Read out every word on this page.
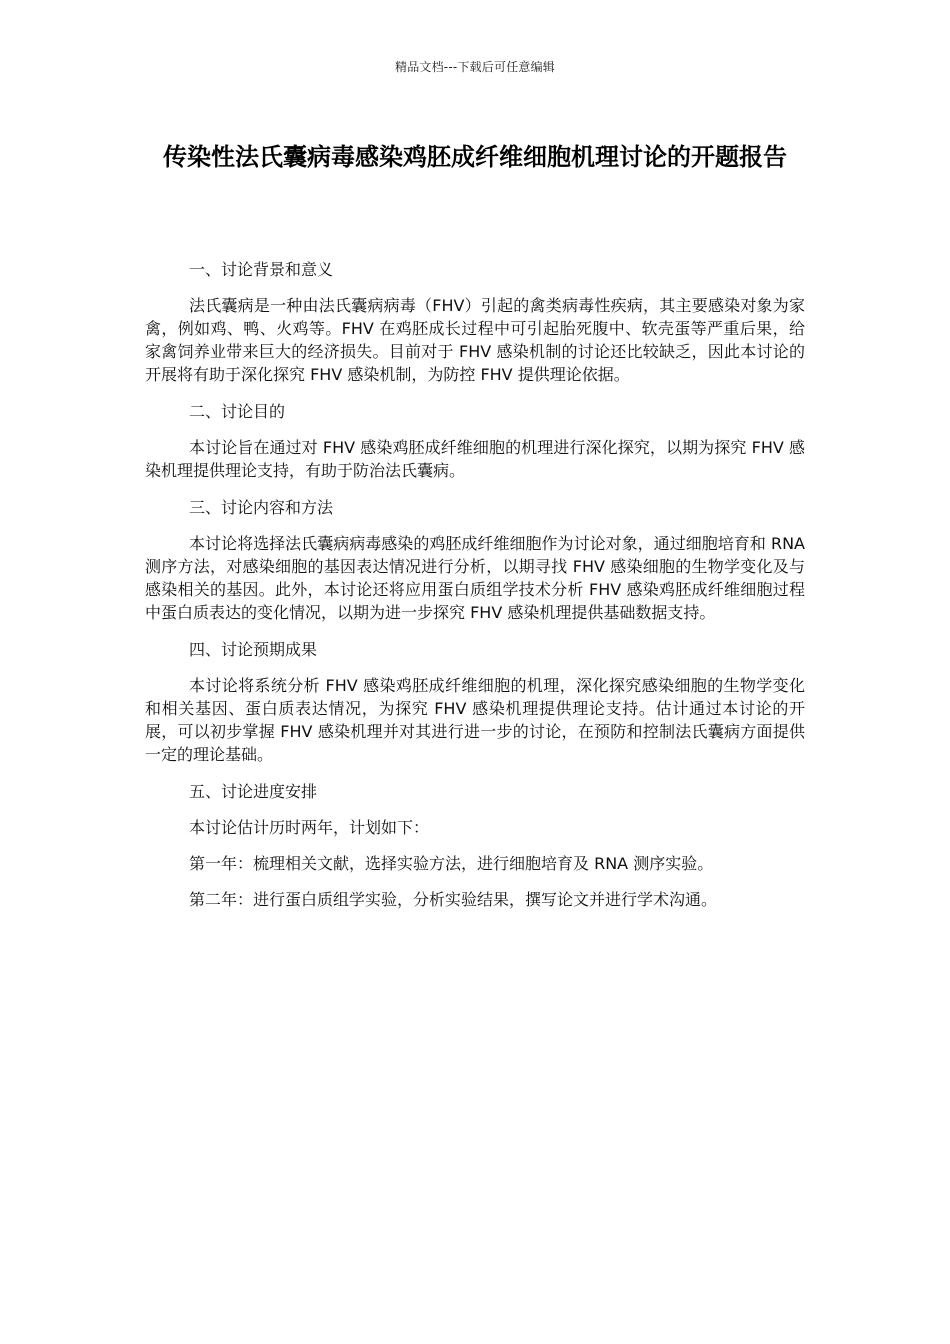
精品文档---下载后可任意编辑
传染性法氏囊病毒感染鸡胚成纤维细胞机理讨论的开题报告

一、讨论背景和意义

法氏囊病是一种由法氏囊病病毒（FHV）引起的禽类病毒性疾病，其主要感染对象为家禽，例如鸡、鸭、火鸡等。FHV 在鸡胚成长过程中可引起胎死腹中、软壳蛋等严重后果，给家禽饲养业带来巨大的经济损失。目前对于 FHV 感染机制的讨论还比较缺乏，因此本讨论的开展将有助于深化探究 FHV 感染机制，为防控 FHV 提供理论依据。

二、讨论目的

本讨论旨在通过对 FHV 感染鸡胚成纤维细胞的机理进行深化探究，以期为探究 FHV 感染机理提供理论支持，有助于防治法氏囊病。

三、讨论内容和方法

本讨论将选择法氏囊病病毒感染的鸡胚成纤维细胞作为讨论对象，通过细胞培育和 RNA 测序方法，对感染细胞的基因表达情况进行分析，以期寻找 FHV 感染细胞的生物学变化及与感染相关的基因。此外，本讨论还将应用蛋白质组学技术分析 FHV 感染鸡胚成纤维细胞过程中蛋白质表达的变化情况，以期为进一步探究 FHV 感染机理提供基础数据支持。

四、讨论预期成果

本讨论将系统分析 FHV 感染鸡胚成纤维细胞的机理，深化探究感染细胞的生物学变化和相关基因、蛋白质表达情况，为探究 FHV 感染机理提供理论支持。估计通过本讨论的开展，可以初步掌握 FHV 感染机理并对其进行进一步的讨论，在预防和控制法氏囊病方面提供一定的理论基础。

五、讨论进度安排

本讨论估计历时两年，计划如下：

第一年：梳理相关文献，选择实验方法，进行细胞培育及 RNA 测序实验。

第二年：进行蛋白质组学实验，分析实验结果，撰写论文并进行学术沟通。
